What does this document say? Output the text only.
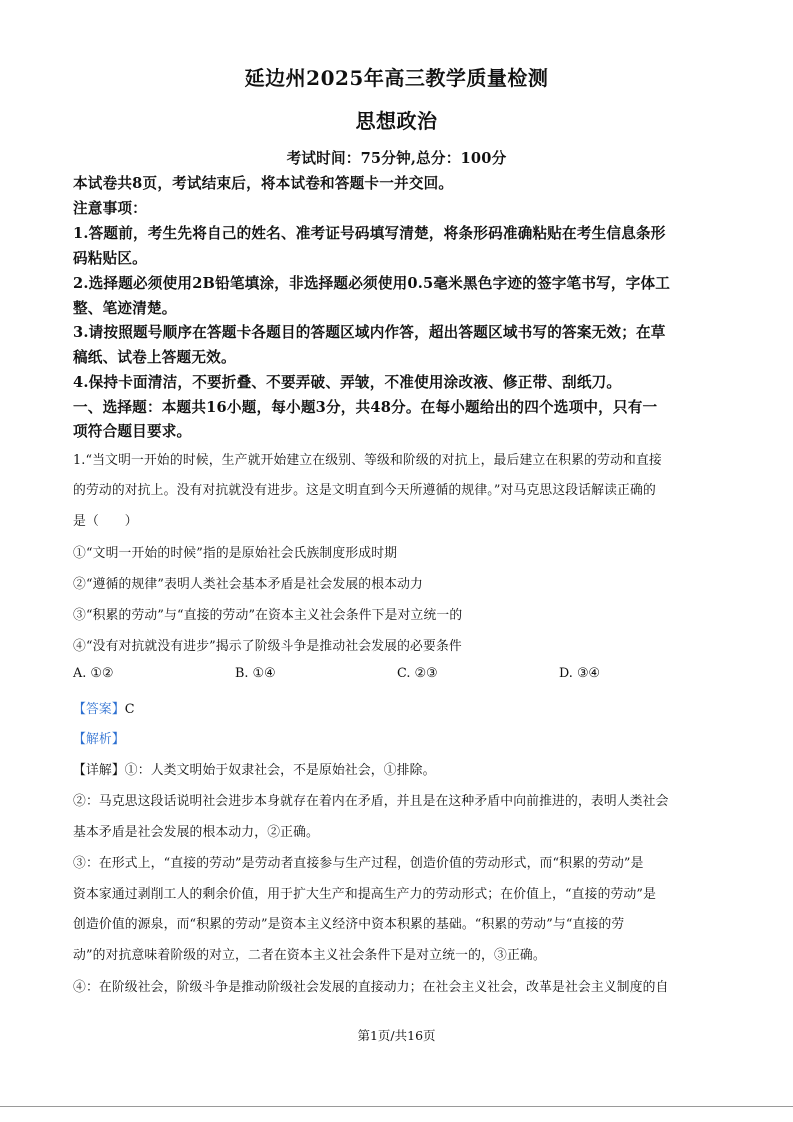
延边州2025年高三教学质量检测
思想政治
考试时间：75分钟,总分：100分
本试卷共8页，考试结束后，将本试卷和答题卡一并交回。
注意事项：
1.答题前，考生先将自己的姓名、准考证号码填写清楚，将条形码准确粘贴在考生信息条形
码粘贴区。
2.选择题必须使用2B铅笔填涂，非选择题必须使用0.5毫米黑色字迹的签字笔书写，字体工
整、笔迹清楚。
3.请按照题号顺序在答题卡各题目的答题区域内作答，超出答题区域书写的答案无效；在草
稿纸、试卷上答题无效。
4.保持卡面清洁，不要折叠、不要弄破、弄皱，不准使用涂改液、修正带、刮纸刀。
一、选择题：本题共16小题，每小题3分，共48分。在每小题给出的四个选项中，只有一
项符合题目要求。
1.“当文明一开始的时候，生产就开始建立在级别、等级和阶级的对抗上，最后建立在积累的劳动和直接
的劳动的对抗上。没有对抗就没有进步。这是文明直到今天所遵循的规律。”对马克思这段话解读正确的
是（　　）
①“文明一开始的时候”指的是原始社会氏族制度形成时期
②“遵循的规律”表明人类社会基本矛盾是社会发展的根本动力
③“积累的劳动”与“直接的劳动”在资本主义社会条件下是对立统一的
④“没有对抗就没有进步”揭示了阶级斗争是推动社会发展的必要条件
A. ①②	B. ①④	C. ②③	D. ③④
【答案】C
【解析】
【详解】①：人类文明始于奴隶社会，不是原始社会，①排除。
②：马克思这段话说明社会进步本身就存在着内在矛盾，并且是在这种矛盾中向前推进的，表明人类社会
基本矛盾是社会发展的根本动力，②正确。
③：在形式上，“直接的劳动”是劳动者直接参与生产过程，创造价值的劳动形式，而“积累的劳动”是
资本家通过剥削工人的剩余价值，用于扩大生产和提高生产力的劳动形式；在价值上，“直接的劳动”是
创造价值的源泉，而“积累的劳动”是资本主义经济中资本积累的基础。“积累的劳动”与“直接的劳
动”的对抗意味着阶级的对立，二者在资本主义社会条件下是对立统一的，③正确。
④：在阶级社会，阶级斗争是推动阶级社会发展的直接动力；在社会主义社会，改革是社会主义制度的自
第1页/共16页
